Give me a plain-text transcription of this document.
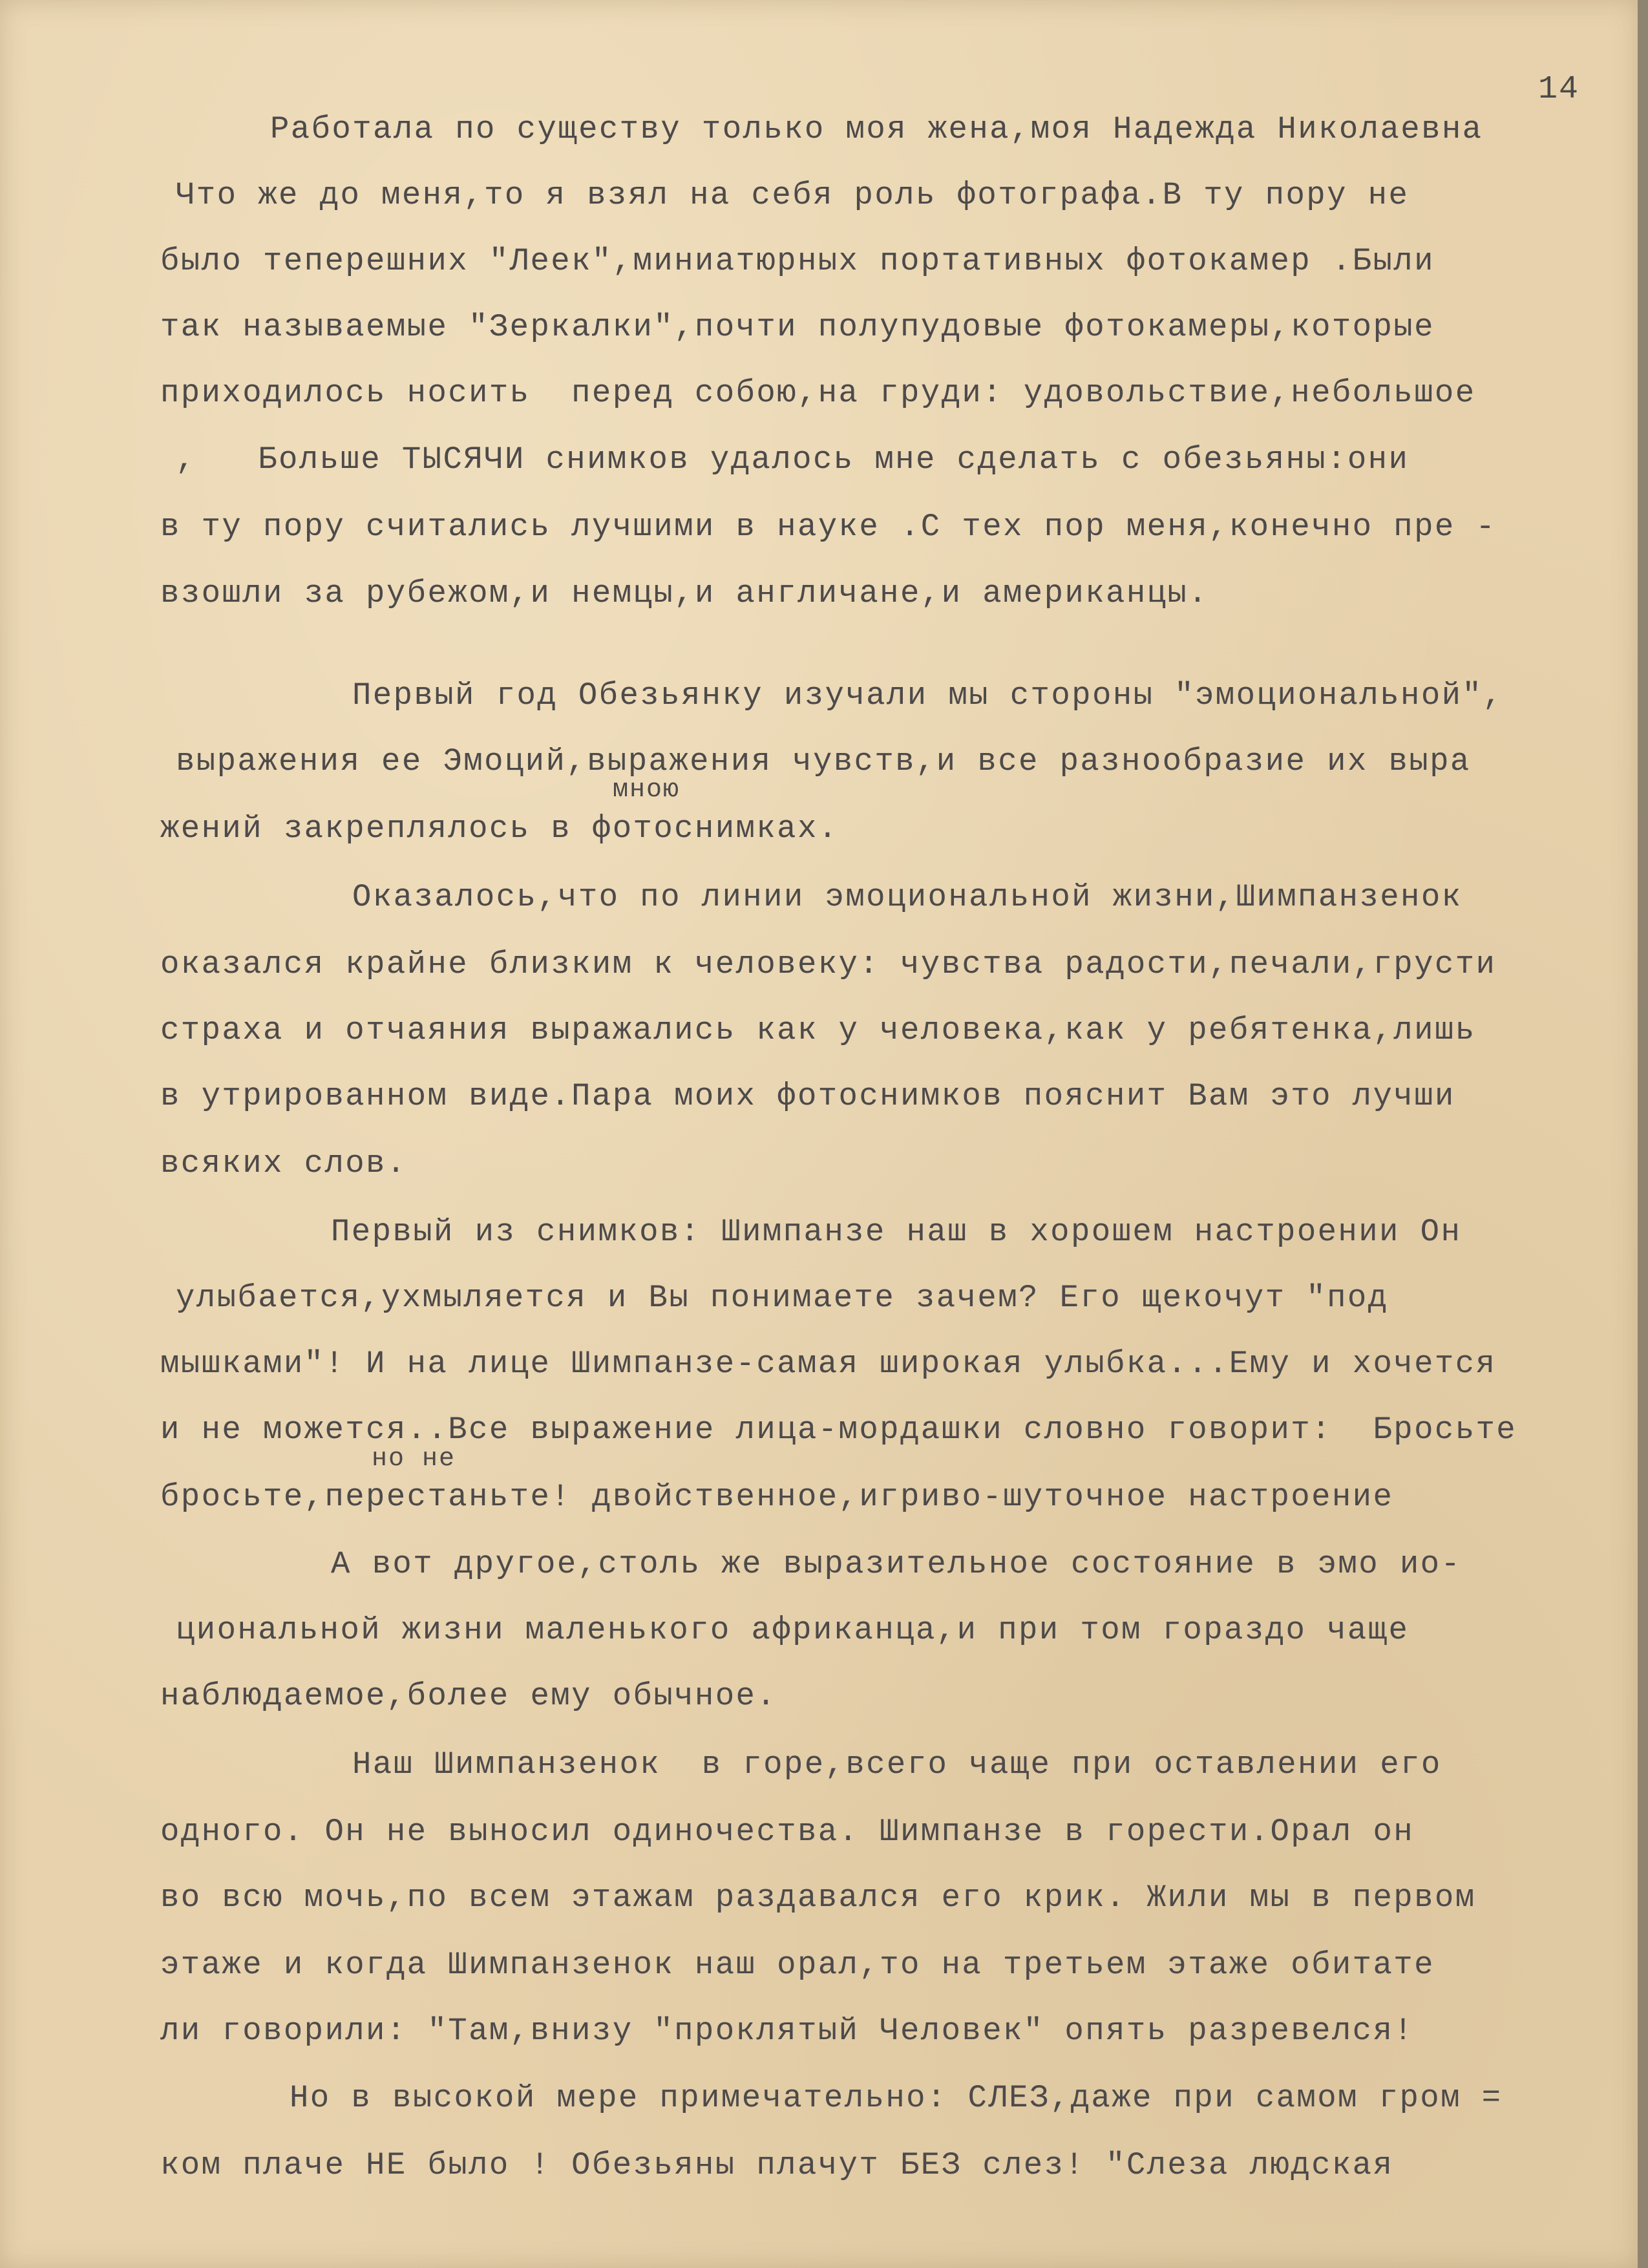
14
Работала по существу только моя жена,моя Надежда Николаевна
Что же до меня,то я взял на себя роль фотографа.В ту пору не
было теперешних "Леек",миниатюрных портативных фотокамер .Были
так называемые "Зеркалки",почти полупудовые фотокамеры,которые
приходилось носить  перед собою,на груди: удовольствие,небольшое
,   Больше ТЫСЯЧИ снимков удалось мне сделать с обезьяны:они
в ту пору считались лучшими в науке .С тех пор меня,конечно пре -
взошли за рубежом,и немцы,и англичане,и американцы.
Первый год Обезьянку изучали мы стороны "эмоциональной",
выражения ее Эмоций,выражения чувств,и все разнообразие их выра
мною
жений закреплялось в фотоснимках.
Оказалось,что по линии эмоциональной жизни,Шимпанзенок
оказался крайне близким к человеку: чувства радости,печали,грусти
страха и отчаяния выражались как у человека,как у ребятенка,лишь
в утрированном виде.Пара моих фотоснимков пояснит Вам это лучши
всяких слов.
Первый из снимков: Шимпанзе наш в хорошем настроении Он
улыбается,ухмыляется и Вы понимаете зачем? Его щекочут "под
мышками"! И на лице Шимпанзе-самая широкая улыбка...Ему и хочется
и не можется..Все выражение лица-мордашки словно говорит:  Бросьте
но не
бросьте,перестаньте! двойственное,игриво-шуточное настроение
А вот другое,столь же выразительное состояние в эмо ио-
циональной жизни маленького африканца,и при том гораздо чаще
наблюдаемое,более ему обычное.
Наш Шимпанзенок  в горе,всего чаще при оставлении его
одного. Он не выносил одиночества. Шимпанзе в горести.Орал он
во всю мочь,по всем этажам раздавался его крик. Жили мы в первом
этаже и когда Шимпанзенок наш орал,то на третьем этаже обитате
ли говорили: "Там,внизу "проклятый Человек" опять разревелся!
Но в высокой мере примечательно: СЛЕЗ,даже при самом гром =
ком плаче НЕ было ! Обезьяны плачут БЕЗ слез! "Слеза людская
